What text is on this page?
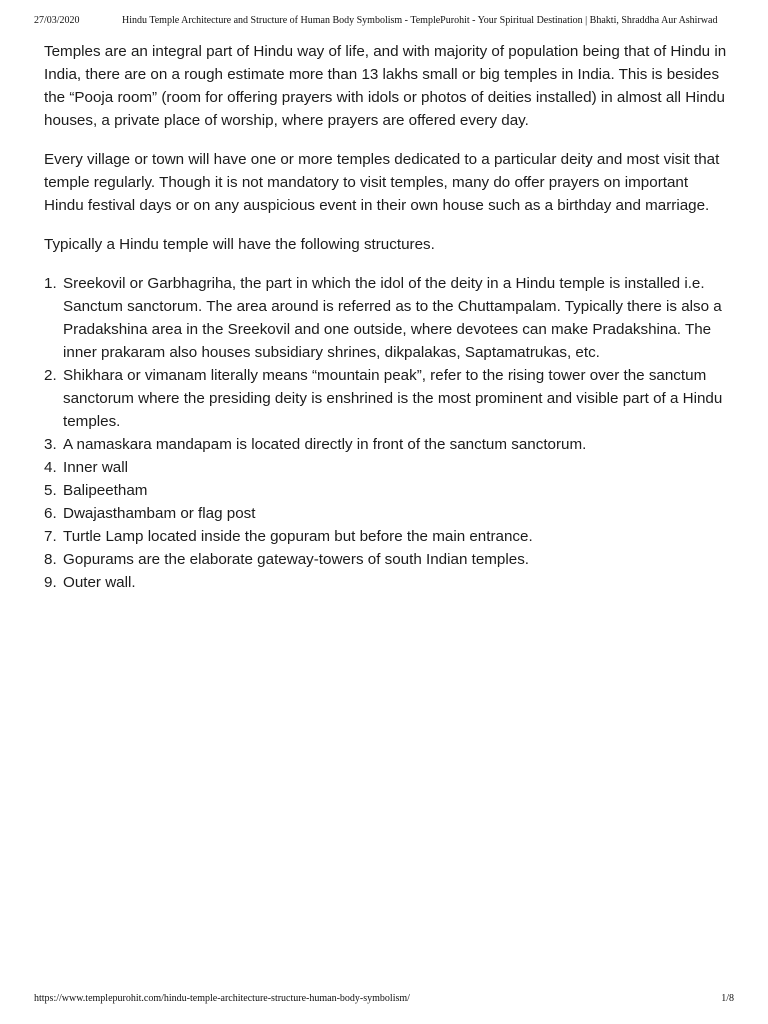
27/03/2020	Hindu Temple Architecture and Structure of Human Body Symbolism - TemplePurohit - Your Spiritual Destination | Bhakti, Shraddha Aur Ashirwad

Temples are an integral part of Hindu way of life, and with majority of population being that of Hindu in India, there are on a rough estimate more than 13 lakhs small or big temples in India. This is besides the “Pooja room” (room for offering prayers with idols or photos of deities installed) in almost all Hindu houses, a private place of worship, where prayers are offered every day.

Every village or town will have one or more temples dedicated to a particular deity and most visit that temple regularly. Though it is not mandatory to visit temples, many do offer prayers on important Hindu festival days or on any auspicious event in their own house such as a birthday and marriage.

Typically a Hindu temple will have the following structures.

1. Sreekovil or Garbhagriha, the part in which the idol of the deity in a Hindu temple is installed i.e. Sanctum sanctorum. The area around is referred as to the Chuttampalam. Typically there is also a Pradakshina area in the Sreekovil and one outside, where devotees can make Pradakshina. The inner prakaram also houses subsidiary shrines, dikpalakas, Saptamatrukas, etc.
2. Shikhara or vimanam literally means “mountain peak”, refer to the rising tower over the sanctum sanctorum where the presiding deity is enshrined is the most prominent and visible part of a Hindu temples.
3. A namaskara mandapam is located directly in front of the sanctum sanctorum.
4. Inner wall
5. Balipeetham
6. Dwajasthambam or flag post
7. Turtle Lamp located inside the gopuram but before the main entrance.
8. Gopurams are the elaborate gateway-towers of south Indian temples.
9. Outer wall.
https://www.templepurohit.com/hindu-temple-architecture-structure-human-body-symbolism/	1/8
